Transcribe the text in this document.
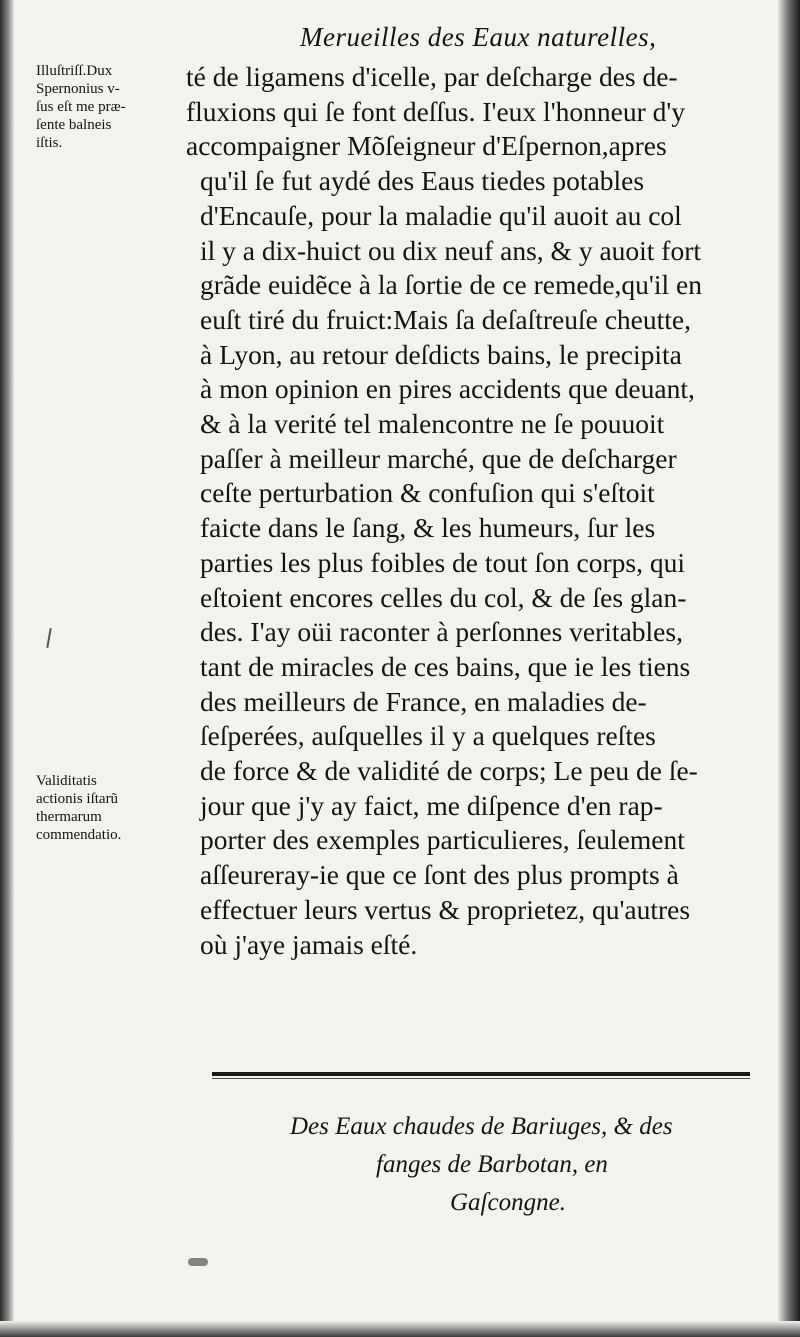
Merueilles des Eaux naturelles,
Illuſtriſſ.Dux
Spernonius v-
ſus eſt me præ-
ſente balneis
iſtis.
Validitatis
actionis iſtarũ
thermarum
commendatio.
té de ligamens d'icelle, par deſcharge des de-
fluxions qui ſe font deſſus. I'eux l'honneur d'y
accompaigner Mõſeigneur d'Eſpernon,apres
qu'il ſe fut aydé des Eaus tiedes potables
d'Encauſe, pour la maladie qu'il auoit au col
il y a dix-huict ou dix neuf ans, & y auoit fort
grãde euidẽce à la ſortie de ce remede,qu'il en
euſt tiré du fruict:Mais ſa deſaſtreuſe cheutte,
à Lyon, au retour deſdicts bains, le precipita
à mon opinion en pires accidents que deuant,
& à la verité tel malencontre ne ſe pouuoit
paſſer à meilleur marché, que de deſcharger
ceſte perturbation & confuſion qui s'eſtoit
faicte dans le ſang, & les humeurs, ſur les
parties les plus foibles de tout ſon corps, qui
eſtoient encores celles du col, & de ſes glan-
des. I'ay oüi raconter à perſonnes veritables,
tant de miracles de ces bains, que ie les tiens
des meilleurs de France, en maladies de-
ſeſperées, auſquelles il y a quelques reſtes
de force & de validité de corps; Le peu de ſe-
jour que j'y ay faict, me diſpence d'en rap-
porter des exemples particulieres, ſeulement
aſſeureray-ie que ce ſont des plus prompts à
effectuer leurs vertus & proprietez, qu'autres
où j'aye jamais eſté.
Des Eaux chaudes de Bariuges, & des
fanges de Barbotan, en
Gaſcongne.
